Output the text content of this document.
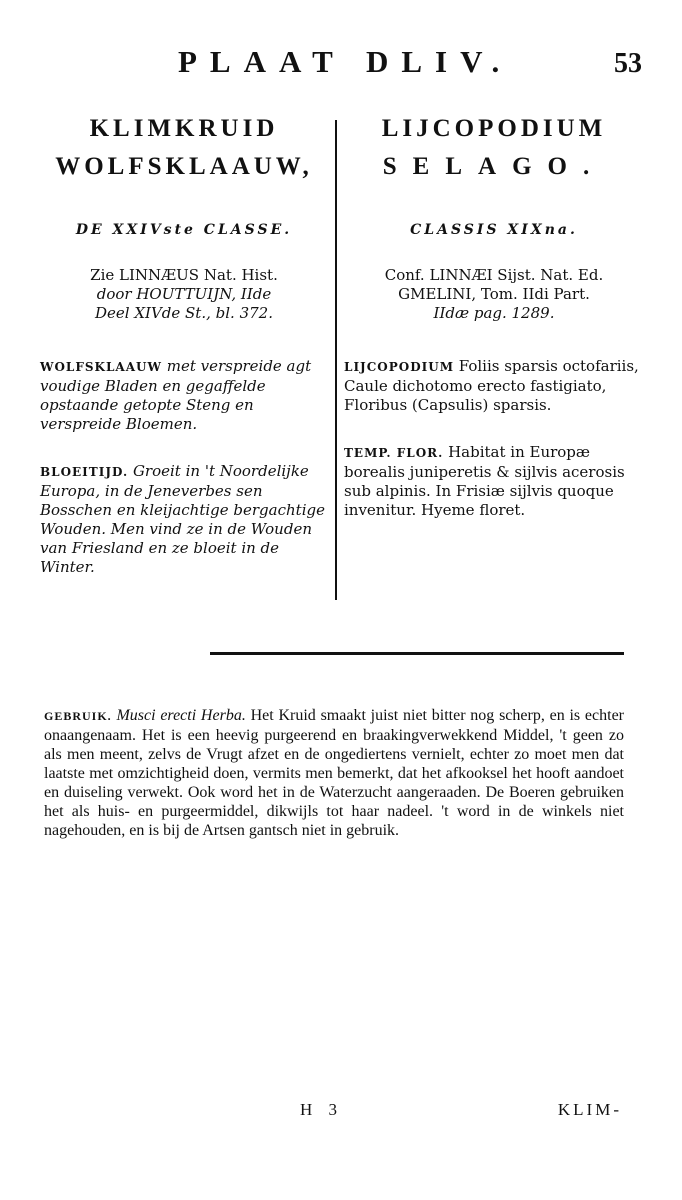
PLAAT DLIV.	53
KLIMKRUID
WOLFSKLAAUW,
DE XXIVste CLASSE.
Zie LINNÆUS Nat. Hist.
door HOUTTUIJN, IIde
Deel XIVde St., bl. 372.
WOLFSKLAAUW met verspreide agt voudige Bladen en gegaffelde opstaande getopte Steng en verspreide Bloemen.
BLOEITIJD. Groeit in 't Noordelijke Europa, in de Jeneverbes sen Bosschen en kleijachtige bergachtige Wouden. Men vind ze in de Wouden van Friesland en ze bloeit in de Winter.
LIJCOPODIUM
SELAGO.
CLASSIS XIXna.
Conf. LINNÆI Sijst. Nat. Ed.
GMELINI, Tom. IIdi Part.
IIdæ pag. 1289.
LIJCOPODIUM Foliis sparsis octofariis, Caule dichotomo erecto fastigiato, Floribus (Capsulis) sparsis.
TEMP. FLOR. Habitat in Europæ borealis juniperetis & sijlvis acerosis sub alpinis. In Frisiæ sijlvis quoque invenitur. Hyeme floret.
GEBRUIK. Musci erecti Herba. Het Kruid smaakt juist niet bitter nog scherp, en is echter onaangenaam. Het is een heevig purgeerend en braakingverwekkend Middel, 't geen zo als men meent, zelvs de Vrugt afzet en de ongediertens vernielt, echter zo moet men dat laatste met omzichtigheid doen, vermits men bemerkt, dat het afkooksel het hooft aandoet en duiseling verwekt. Ook word het in de Waterzucht aangeraaden. De Boeren gebruiken het als huis- en purgeermiddel, dikwijls tot haar nadeel. 't word in de winkels niet nagehouden, en is bij de Artsen gantsch niet in gebruik.
H 3	KLIM-
